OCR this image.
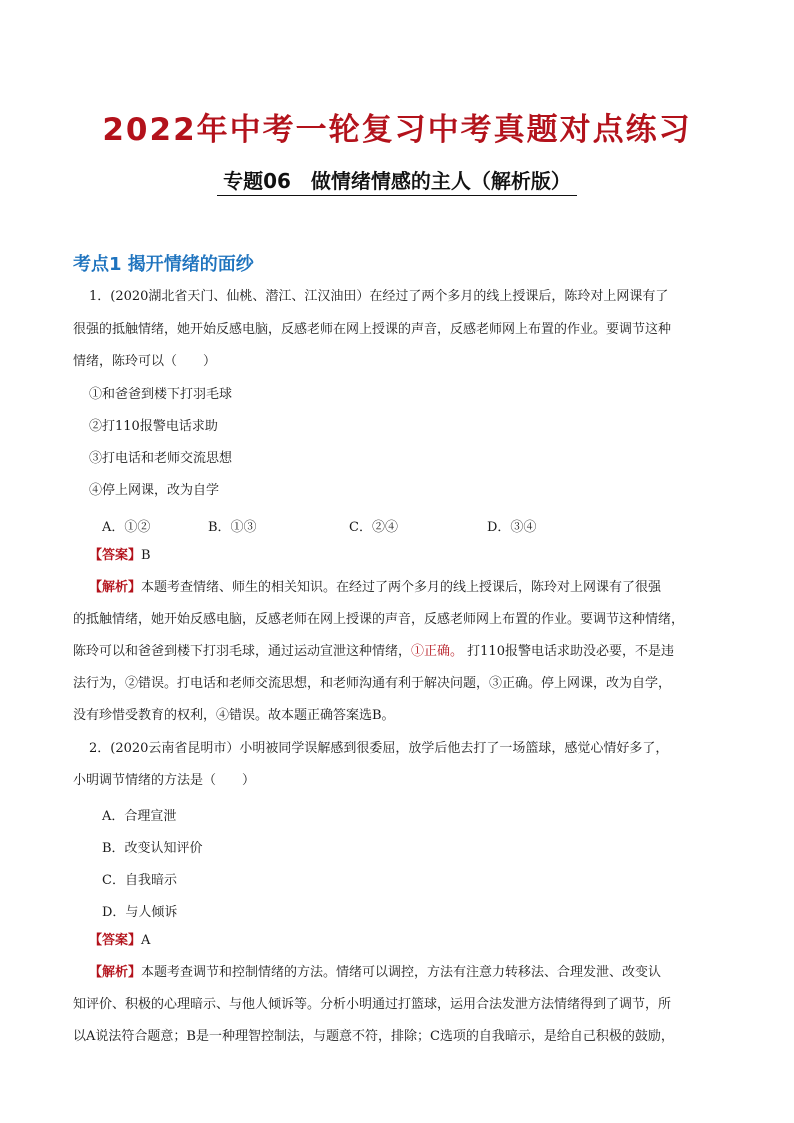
2022年中考一轮复习中考真题对点练习
专题06　做情绪情感的主人（解析版）
考点1 揭开情绪的面纱
1．(2020湖北省天门、仙桃、潜江、江汉油田）在经过了两个多月的线上授课后，陈玲对上网课有了
很强的抵触情绪，她开始反感电脑，反感老师在网上授课的声音，反感老师网上布置的作业。要调节这种
情绪，陈玲可以（　　）
①和爸爸到楼下打羽毛球
②打110报警电话求助
③打电话和老师交流思想
④停上网课，改为自学
A．①②	B．①③	C．②④	D．③④
【答案】B
【解析】本题考查情绪、师生的相关知识。在经过了两个多月的线上授课后，陈玲对上网课有了很强
的抵触情绪，她开始反感电脑，反感老师在网上授课的声音，反感老师网上布置的作业。要调节这种情绪，
陈玲可以和爸爸到楼下打羽毛球，通过运动宣泄这种情绪，①正确。 打110报警电话求助没必要，不是违
法行为，②错误。打电话和老师交流思想，和老师沟通有利于解决问题，③正确。停上网课，改为自学，
没有珍惜受教育的权利，④错误。故本题正确答案选B。
2．(2020云南省昆明市）小明被同学误解感到很委屈，放学后他去打了一场篮球，感觉心情好多了，
小明调节情绪的方法是（　　）
A．合理宣泄
B．改变认知评价
C．自我暗示
D．与人倾诉
【答案】A
【解析】本题考查调节和控制情绪的方法。情绪可以调控，方法有注意力转移法、合理发泄、改变认
知评价、积极的心理暗示、与他人倾诉等。分析小明通过打篮球，运用合法发泄方法情绪得到了调节，所
以A说法符合题意；B是一种理智控制法，与题意不符，排除；C选项的自我暗示，是给自己积极的鼓励，
